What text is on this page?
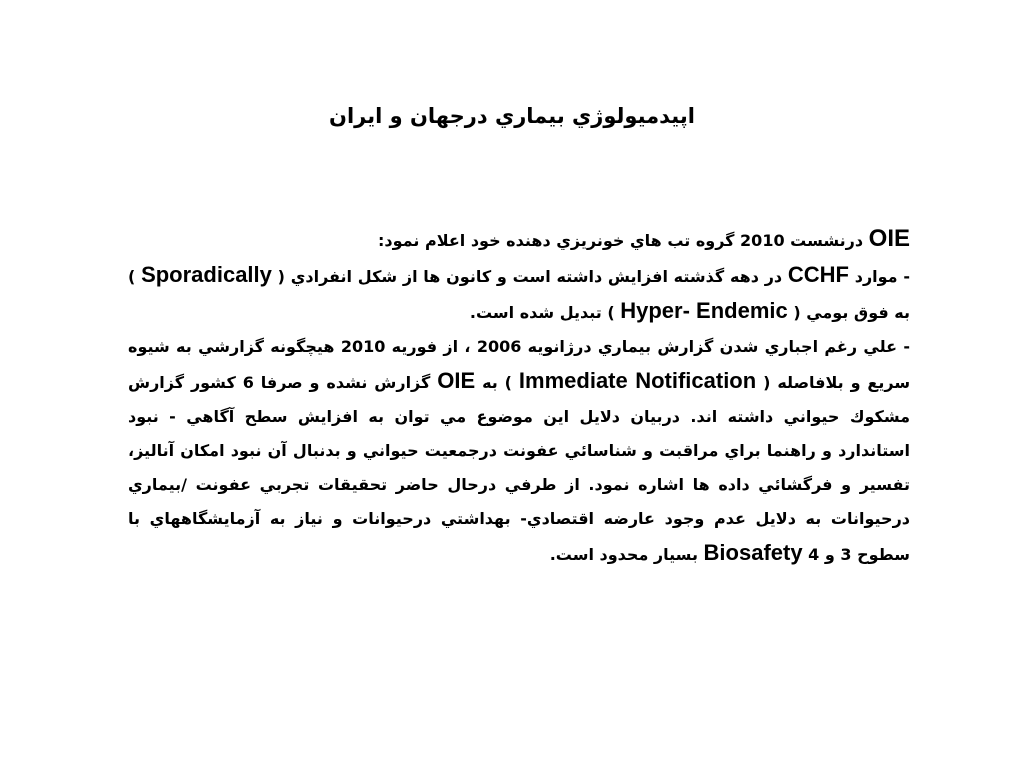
اپيدميولوژي بيماري درجهان و ايران

OIE درنشست 2010 گروه تب هاي خونريزي دهنده خود اعلام نمود:

- موارد CCHF در دهه گذشته افزايش داشته است و كانون ها از شكل انفرادي ( Sporadically ) به فوق بومي ( Hyper- Endemic ) تبديل شده است.

- علي رغم اجباري شدن گزارش بيماري درژانويه 2006 ، از فوريه 2010 هيچگونه گزارشي به شيوه سريع و بلافاصله ( Immediate Notification ) به OIE گزارش نشده و صرفا 6 كشور گزارش مشكوك حيواني داشته اند. دربيان دلايل اين موضوع مي توان به افزايش سطح آگاهي - نبود استاندارد و راهنما براي مراقبت و شناسائي عفونت درجمعيت حيواني و بدنبال آن نبود امكان آناليز، تفسير و فرگشائي داده ها اشاره نمود. از طرفي درحال حاضر تحقيقات تجربي عفونت /بيماري درحيوانات به دلايل عدم وجود عارضه اقتصادي- بهداشتي درحيوانات و نياز به آزمايشگاههاي با سطوح 3 و 4 Biosafety بسيار محدود است.
